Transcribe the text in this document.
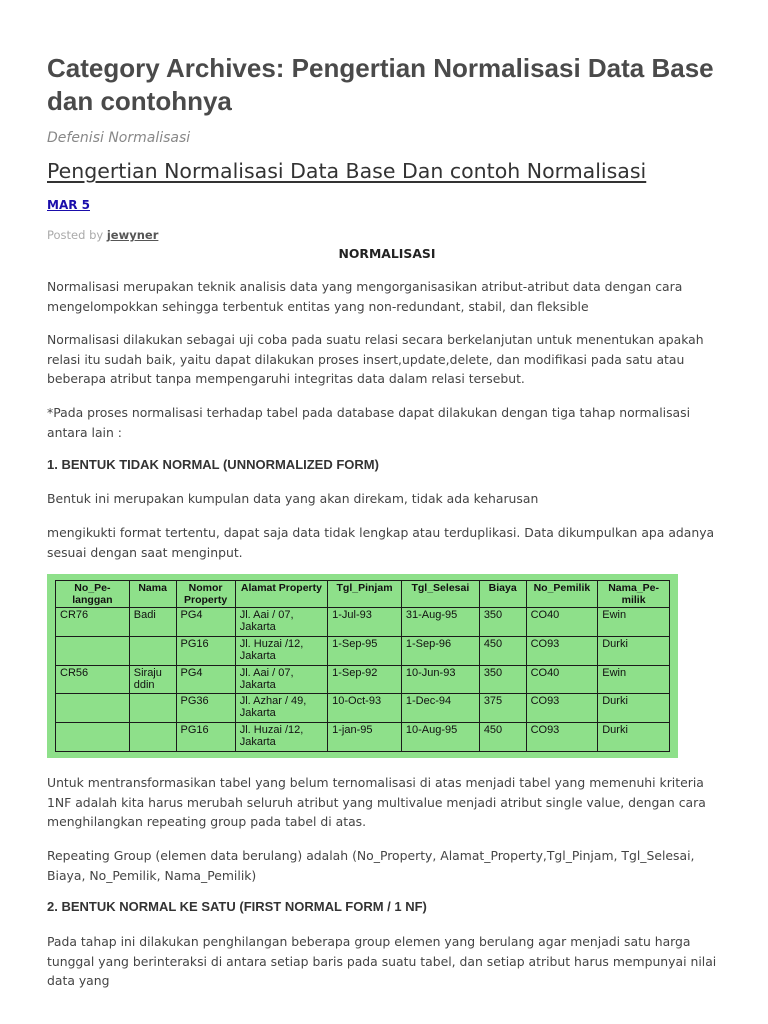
Category Archives: Pengertian Normalisasi Data Base dan contohnya
Defenisi Normalisasi
Pengertian Normalisasi Data Base Dan contoh Normalisasi
MAR 5
Posted by jewyner

NORMALISASI

Normalisasi merupakan teknik analisis data yang mengorganisasikan atribut-atribut data dengan cara mengelompokkan sehingga terbentuk entitas yang non-redundant, stabil, dan fleksible

Normalisasi dilakukan sebagai uji coba pada suatu relasi secara berkelanjutan untuk menentukan apakah relasi itu sudah baik, yaitu dapat dilakukan proses insert,update,delete, dan modifikasi pada satu atau beberapa atribut tanpa mempengaruhi integritas data dalam relasi tersebut.

*Pada proses normalisasi terhadap tabel pada database dapat dilakukan dengan tiga tahap normalisasi antara lain :

1. BENTUK TIDAK NORMAL (UNNORMALIZED FORM)

Bentuk ini merupakan kumpulan data yang akan direkam, tidak ada keharusan

mengikukti format tertentu, dapat saja data tidak lengkap atau terduplikasi. Data dikumpulkan apa adanya sesuai dengan saat menginput.

No_Pe-langgan	Nama	Nomor Property	Alamat Property	Tgl_Pinjam	Tgl_Selesai	Biaya	No_Pemilik	Nama_Pe-milik
CR76	Badi	PG4	Jl. Aai / 07, Jakarta	1-Jul-93	31-Aug-95	350	CO40	Ewin
		PG16	Jl. Huzai /12, Jakarta	1-Sep-95	1-Sep-96	450	CO93	Durki
CR56	Siraju ddin	PG4	Jl. Aai / 07, Jakarta	1-Sep-92	10-Jun-93	350	CO40	Ewin
		PG36	Jl. Azhar / 49, Jakarta	10-Oct-93	1-Dec-94	375	CO93	Durki
		PG16	Jl. Huzai /12, Jakarta	1-jan-95	10-Aug-95	450	CO93	Durki

Untuk mentransformasikan tabel yang belum ternomalisasi di atas menjadi tabel yang memenuhi kriteria 1NF adalah kita harus merubah seluruh atribut yang multivalue menjadi atribut single value, dengan cara menghilangkan repeating group pada tabel di atas.

Repeating Group (elemen data berulang) adalah (No_Property, Alamat_Property,Tgl_Pinjam, Tgl_Selesai, Biaya, No_Pemilik, Nama_Pemilik)

2. BENTUK NORMAL KE SATU (FIRST NORMAL FORM / 1 NF)

Pada tahap ini dilakukan penghilangan beberapa group elemen yang berulang agar menjadi satu harga tunggal yang berinteraksi di antara setiap baris pada suatu tabel, dan setiap atribut harus mempunyai nilai data yang
